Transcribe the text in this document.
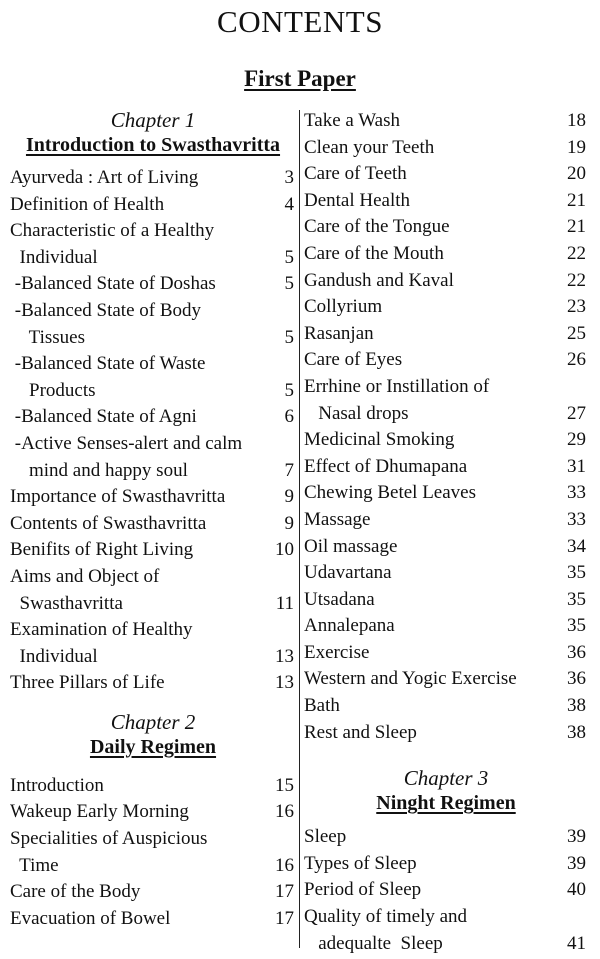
CONTENTS
First Paper
Chapter 1
Introduction to Swasthavritta
Ayurveda : Art of Living	3
Definition of Health	4
Characteristic of a Healthy
Individual	5
-Balanced State of Doshas	5
-Balanced State of Body
Tissues	5
-Balanced State of Waste
Products	5
-Balanced State of Agni	6
-Active Senses-alert and calm
mind and happy soul	7
Importance of Swasthavritta	9
Contents of Swasthavritta	9
Benifits of Right Living	10
Aims and Object of
Swasthavritta	11
Examination of Healthy
Individual	13
Three Pillars of Life	13
Chapter 2
Daily Regimen
Introduction	15
Wakeup Early Morning	16
Specialities of Auspicious
Time	16
Care of the Body	17
Evacuation of Bowel	17
Take a Wash	18
Clean your Teeth	19
Care of Teeth	20
Dental Health	21
Care of the Tongue	21
Care of the Mouth	22
Gandush and Kaval	22
Collyrium	23
Rasanjan	25
Care of Eyes	26
Errhine or Instillation of
Nasal drops	27
Medicinal Smoking	29
Effect of Dhumapana	31
Chewing Betel Leaves	33
Massage	33
Oil massage	34
Udavartana	35
Utsadana	35
Annalepana	35
Exercise	36
Western and Yogic Exercise	36
Bath	38
Rest and Sleep	38
Chapter 3
Ninght Regimen
Sleep	39
Types of Sleep	39
Period of Sleep	40
Quality of timely and
adequalte  Sleep	41
